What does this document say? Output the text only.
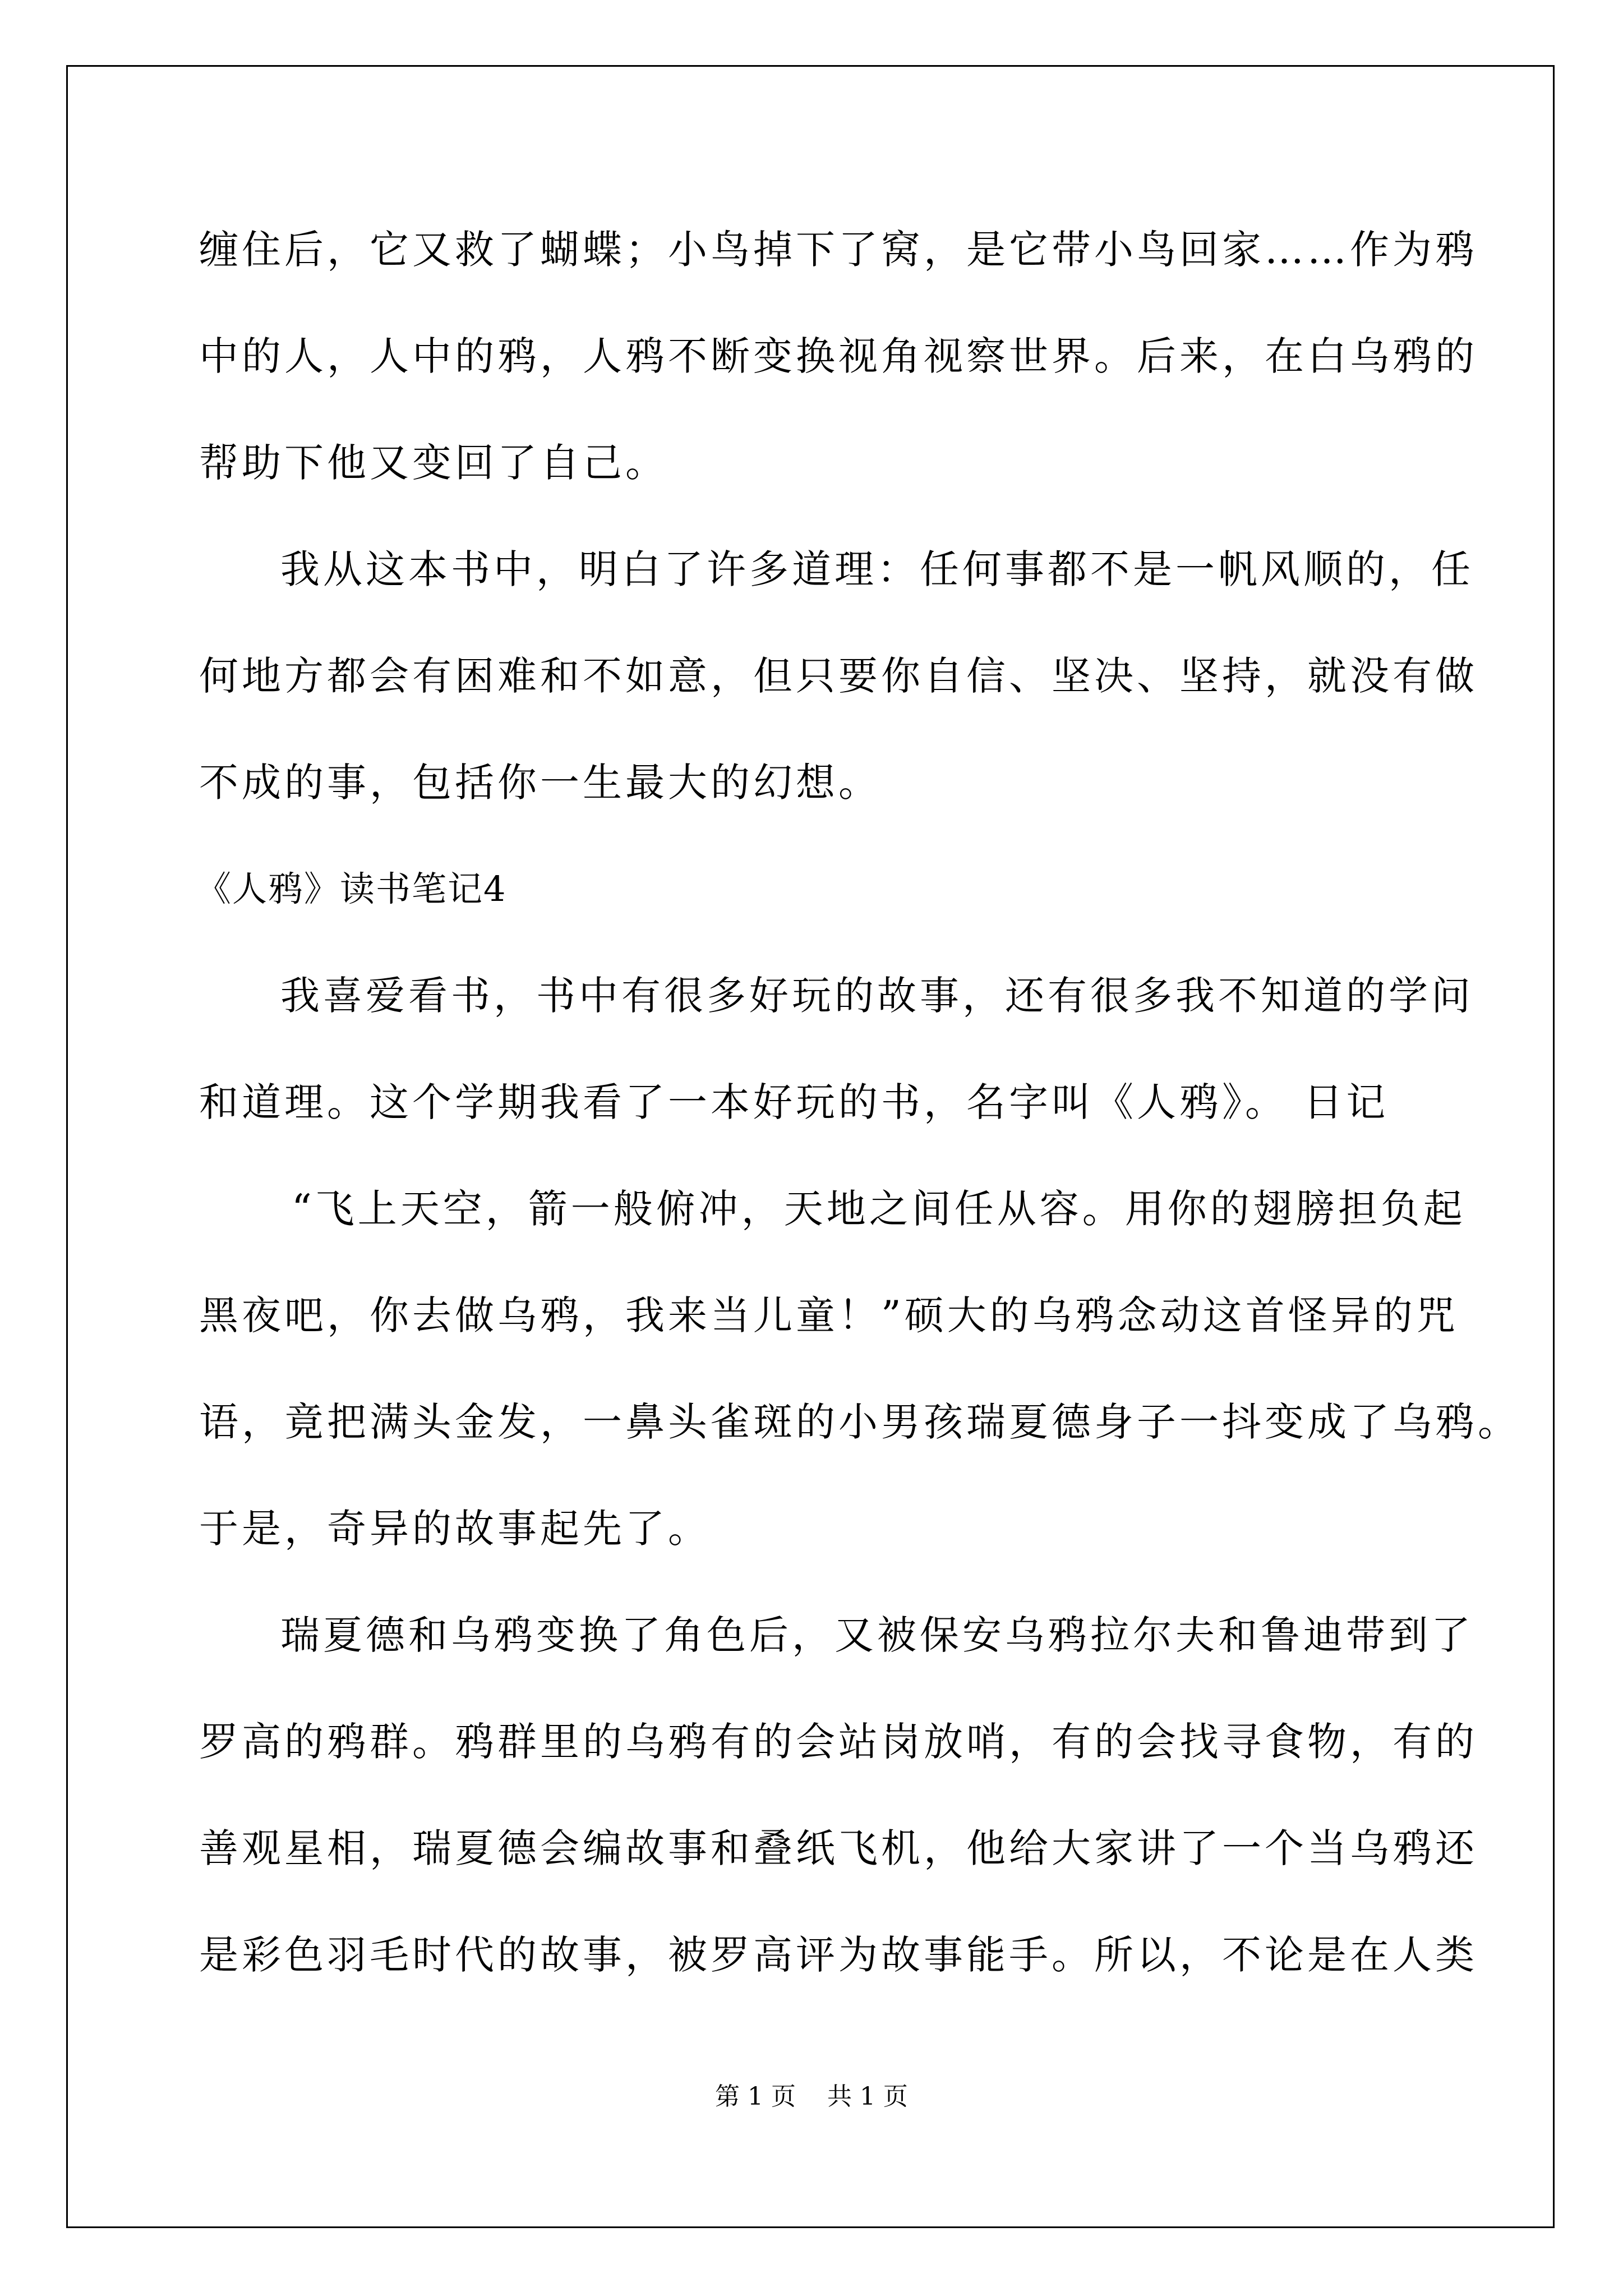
缠住后，它又救了蝴蝶；小鸟掉下了窝，是它带小鸟回家……作为鸦
中的人，人中的鸦，人鸦不断变换视角视察世界。后来，在白乌鸦的
帮助下他又变回了自己。
我从这本书中，明白了许多道理：任何事都不是一帆风顺的，任
何地方都会有困难和不如意，但只要你自信、坚决、坚持，就没有做
不成的事，包括你一生最大的幻想。
《人鸦》读书笔记4
我喜爱看书，书中有很多好玩的故事，还有很多我不知道的学问
和道理。这个学期我看了一本好玩的书，名字叫《人鸦》。 日记
“飞上天空，箭一般俯冲，天地之间任从容。用你的翅膀担负起
黑夜吧，你去做乌鸦，我来当儿童！”硕大的乌鸦念动这首怪异的咒
语，竟把满头金发，一鼻头雀斑的小男孩瑞夏德身子一抖变成了乌鸦。
于是，奇异的故事起先了。
瑞夏德和乌鸦变换了角色后，又被保安乌鸦拉尔夫和鲁迪带到了
罗高的鸦群。鸦群里的乌鸦有的会站岗放哨，有的会找寻食物，有的
善观星相，瑞夏德会编故事和叠纸飞机，他给大家讲了一个当乌鸦还
是彩色羽毛时代的故事，被罗高评为故事能手。所以，不论是在人类
第 1 页    共 1 页
